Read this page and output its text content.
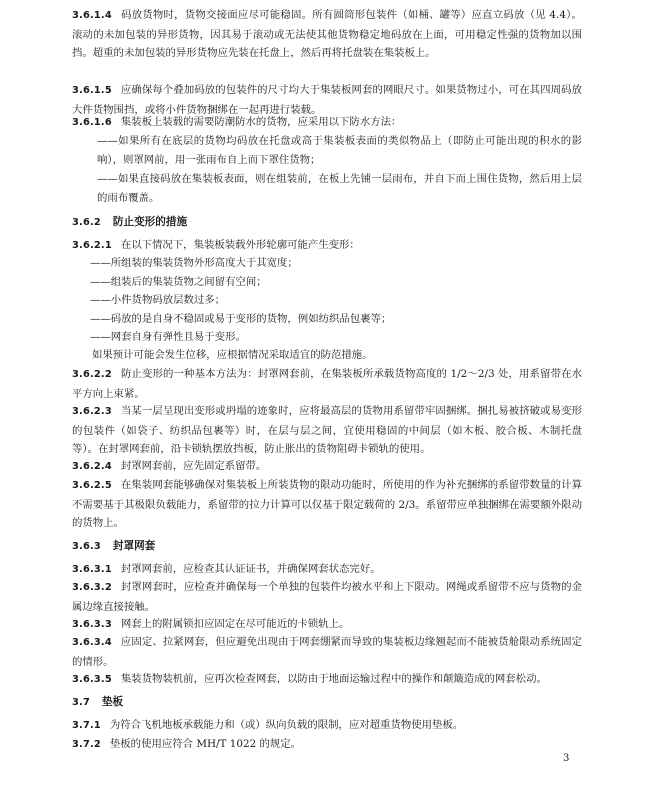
3.6.1.4 码放货物时，货物交接面应尽可能稳固。所有圆筒形包装件（如桶、罐等）应直立码放（见 4.4）。滚动的未加包装的异形货物，因其易于滚动或无法使其他货物稳定地码放在上面，可用稳定性强的货物加以围挡。超重的未加包装的异形货物应先装在托盘上，然后再将托盘装在集装板上。

3.6.1.5 应确保每个叠加码放的包装件的尺寸均大于集装板网套的网眼尺寸。如果货物过小，可在其四周码放大件货物围挡，或将小件货物捆绑在一起再进行装载。

3.6.1.6 集装板上装载的需要防潮防水的货物，应采用以下防水方法：

——如果所有在底层的货物均码放在托盘或高于集装板表面的类似物品上（即防止可能出现的积水的影响），则罩网前，用一张雨布自上而下罩住货物；
——如果直接码放在集装板表面，则在组装前，在板上先铺一层雨布，并自下而上围住货物，然后用上层的雨布覆盖。
3.6.2 防止变形的措施

3.6.2.1 在以下情况下，集装板装载外形轮廓可能产生变形：

——所组装的集装货物外形高度大于其宽度；
——组装后的集装货物之间留有空间；
——小件货物码放层数过多；
——码放的是自身不稳固或易于变形的货物，例如纺织品包裹等；
——网套自身有弹性且易于变形。
如果预计可能会发生位移，应根据情况采取适宜的防范措施。

3.6.2.2 防止变形的一种基本方法为：封罩网套前，在集装板所承载货物高度的 1/2～2/3 处，用系留带在水平方向上束紧。

3.6.2.3 当某一层呈现出变形或坍塌的迹象时，应将最高层的货物用系留带牢固捆绑。捆扎易被挤破或易变形的包装件（如袋子、纺织品包裹等）时，在层与层之间，宜使用稳固的中间层（如木板、胶合板、木制托盘等）。在封罩网套前，沿卡锁轨摆放挡板，防止胀出的货物阻碍卡锁轨的使用。

3.6.2.4 封罩网套前，应先固定系留带。

3.6.2.5 在集装网套能够确保对集装板上所装货物的限动功能时，所使用的作为补充捆绑的系留带数量的计算不需要基于其极限负载能力，系留带的拉力计算可以仅基于限定载荷的 2/3。系留带应单独捆绑在需要额外限动的货物上。

3.6.3 封罩网套

3.6.3.1 封罩网套前，应检查其认证证书，并确保网套状态完好。

3.6.3.2 封罩网套时，应检查并确保每一个单独的包装件均被水平和上下限动。网绳或系留带不应与货物的金属边缘直接接触。

3.6.3.3 网套上的附属锁扣应固定在尽可能近的卡锁轨上。

3.6.3.4 应固定、拉紧网套，但应避免出现由于网套绷紧而导致的集装板边缘翘起而不能被货舱限动系统固定的情形。

3.6.3.5 集装货物装机前，应再次检查网套，以防由于地面运输过程中的操作和颠簸造成的网套松动。

3.7 垫板

3.7.1 为符合飞机地板承载能力和（或）纵向负载的限制，应对超重货物使用垫板。

3.7.2 垫板的使用应符合 MH/T 1022 的规定。

3
